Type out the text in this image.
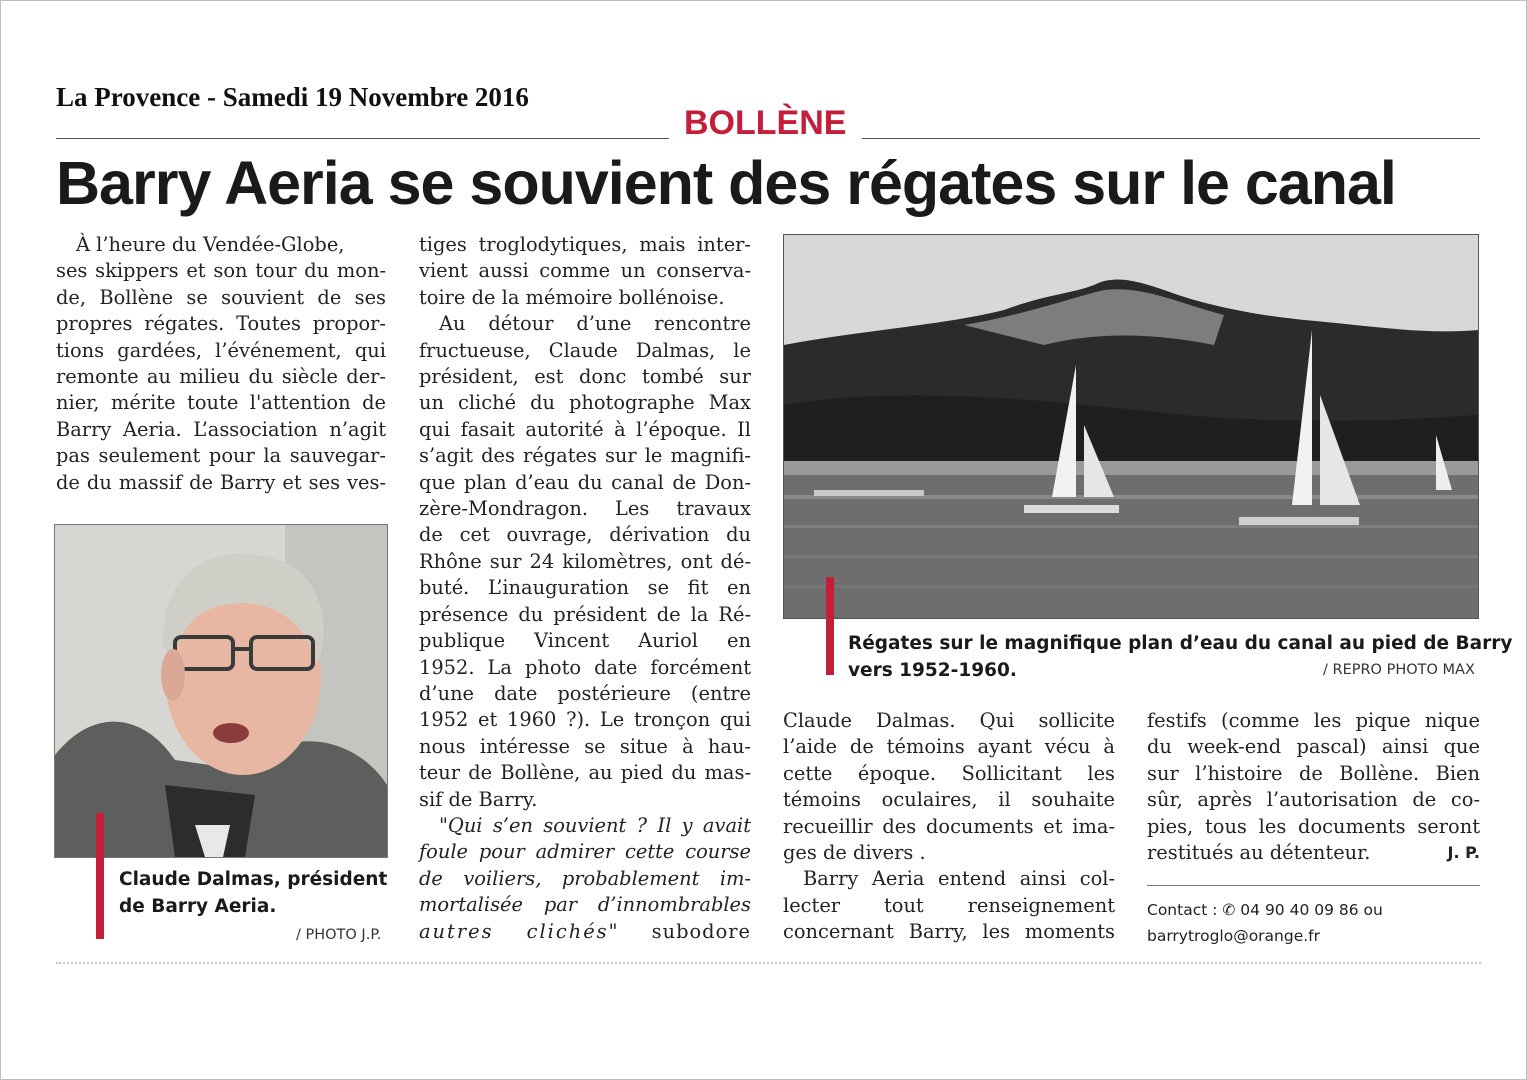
La Provence - Samedi 19 Novembre 2016
BOLLÈNE
Barry Aeria se souvient des régates sur le canal

À l’heure du Vendée-Globe,

ses skippers et son tour du mon-

de, Bollène se souvient de ses

propres régates. Toutes propor-

tions gardées, l’événement, qui

remonte au milieu du siècle der-

nier, mérite toute l'attention de

Barry Aeria. L’association n’agit

pas seulement pour la sauvegar-

de du massif de Barry et ses ves-

Claude Dalmas, président de Barry Aeria.
/ PHOTO J.P.

tiges troglodytiques, mais inter-

vient aussi comme un conserva-

toire de la mémoire bollénoise.

Au détour d’une rencontre

fructueuse, Claude Dalmas, le

président, est donc tombé sur

un cliché du photographe Max

qui fasait autorité à l’époque. Il

s’agit des régates sur le magnifi-

que plan d’eau du canal de Don-

zère-Mondragon. Les travaux

de cet ouvrage, dérivation du

Rhône sur 24 kilomètres, ont dé-

buté. L’inauguration se fit en

présence du président de la Ré-

publique Vincent Auriol en

1952. La photo date forcément

d’une date postérieure (entre

1952 et 1960 ?). Le tronçon qui

nous intéresse se situe à hau-

teur de Bollène, au pied du mas-

sif de Barry.

"Qui s’en souvient ? Il y avait

foule pour admirer cette course

de voiliers, probablement im-

mortalisée par d’innombrables

autres clichés" subodore

Régates sur le magnifique plan d’eau du canal au pied de Barry
vers 1952-1960.	/ REPRO PHOTO MAX

Claude Dalmas. Qui sollicite

l’aide de témoins ayant vécu à

cette époque. Sollicitant les

témoins oculaires, il souhaite

recueillir des documents et ima-

ges de divers .

Barry Aeria entend ainsi col-

lecter tout renseignement

concernant Barry, les moments

festifs (comme les pique nique

du week-end pascal) ainsi que

sur l’histoire de Bollène. Bien

sûr, après l’autorisation de co-

pies, tous les documents seront

restitués au détenteur.	J. P.

Contact : ✆ 04 90 40 09 86 ou
barrytroglo@orange.fr
